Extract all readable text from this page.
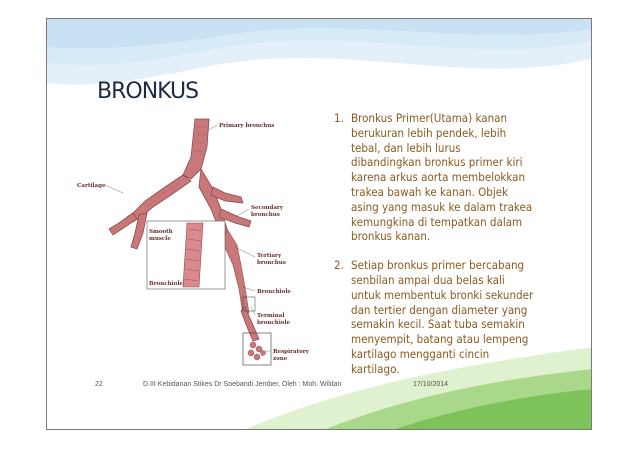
BRONKUS
Primary bronchus
Cartilage
Secondary bronchus
Smooth muscle
Bronchiole
Tertiary bronchus
Bronchiole
Terminal bronchiole
Respiratory zone
1. Bronkus Primer(Utama) kanan
berukuran lebih pendek, lebih
tebal, dan lebih lurus
dibandingkan bronkus primer kiri
karena arkus aorta membelokkan
trakea bawah ke kanan. Objek
asing yang masuk ke dalam trakea
kemungkina di tempatkan dalam
bronkus kanan.
2. Setiap bronkus primer bercabang
senbilan ampai dua belas kali
untuk membentuk bronki sekunder
dan tertier dengan diameter yang
semakin kecil. Saat tuba semakin
menyempit, batang atau lempeng
kartilago mengganti cincin
kartilago.
22	D.III Kebidanan Stikes Dr Soebandi Jember, Oleh : Moh. Wildan	17/10/2014
